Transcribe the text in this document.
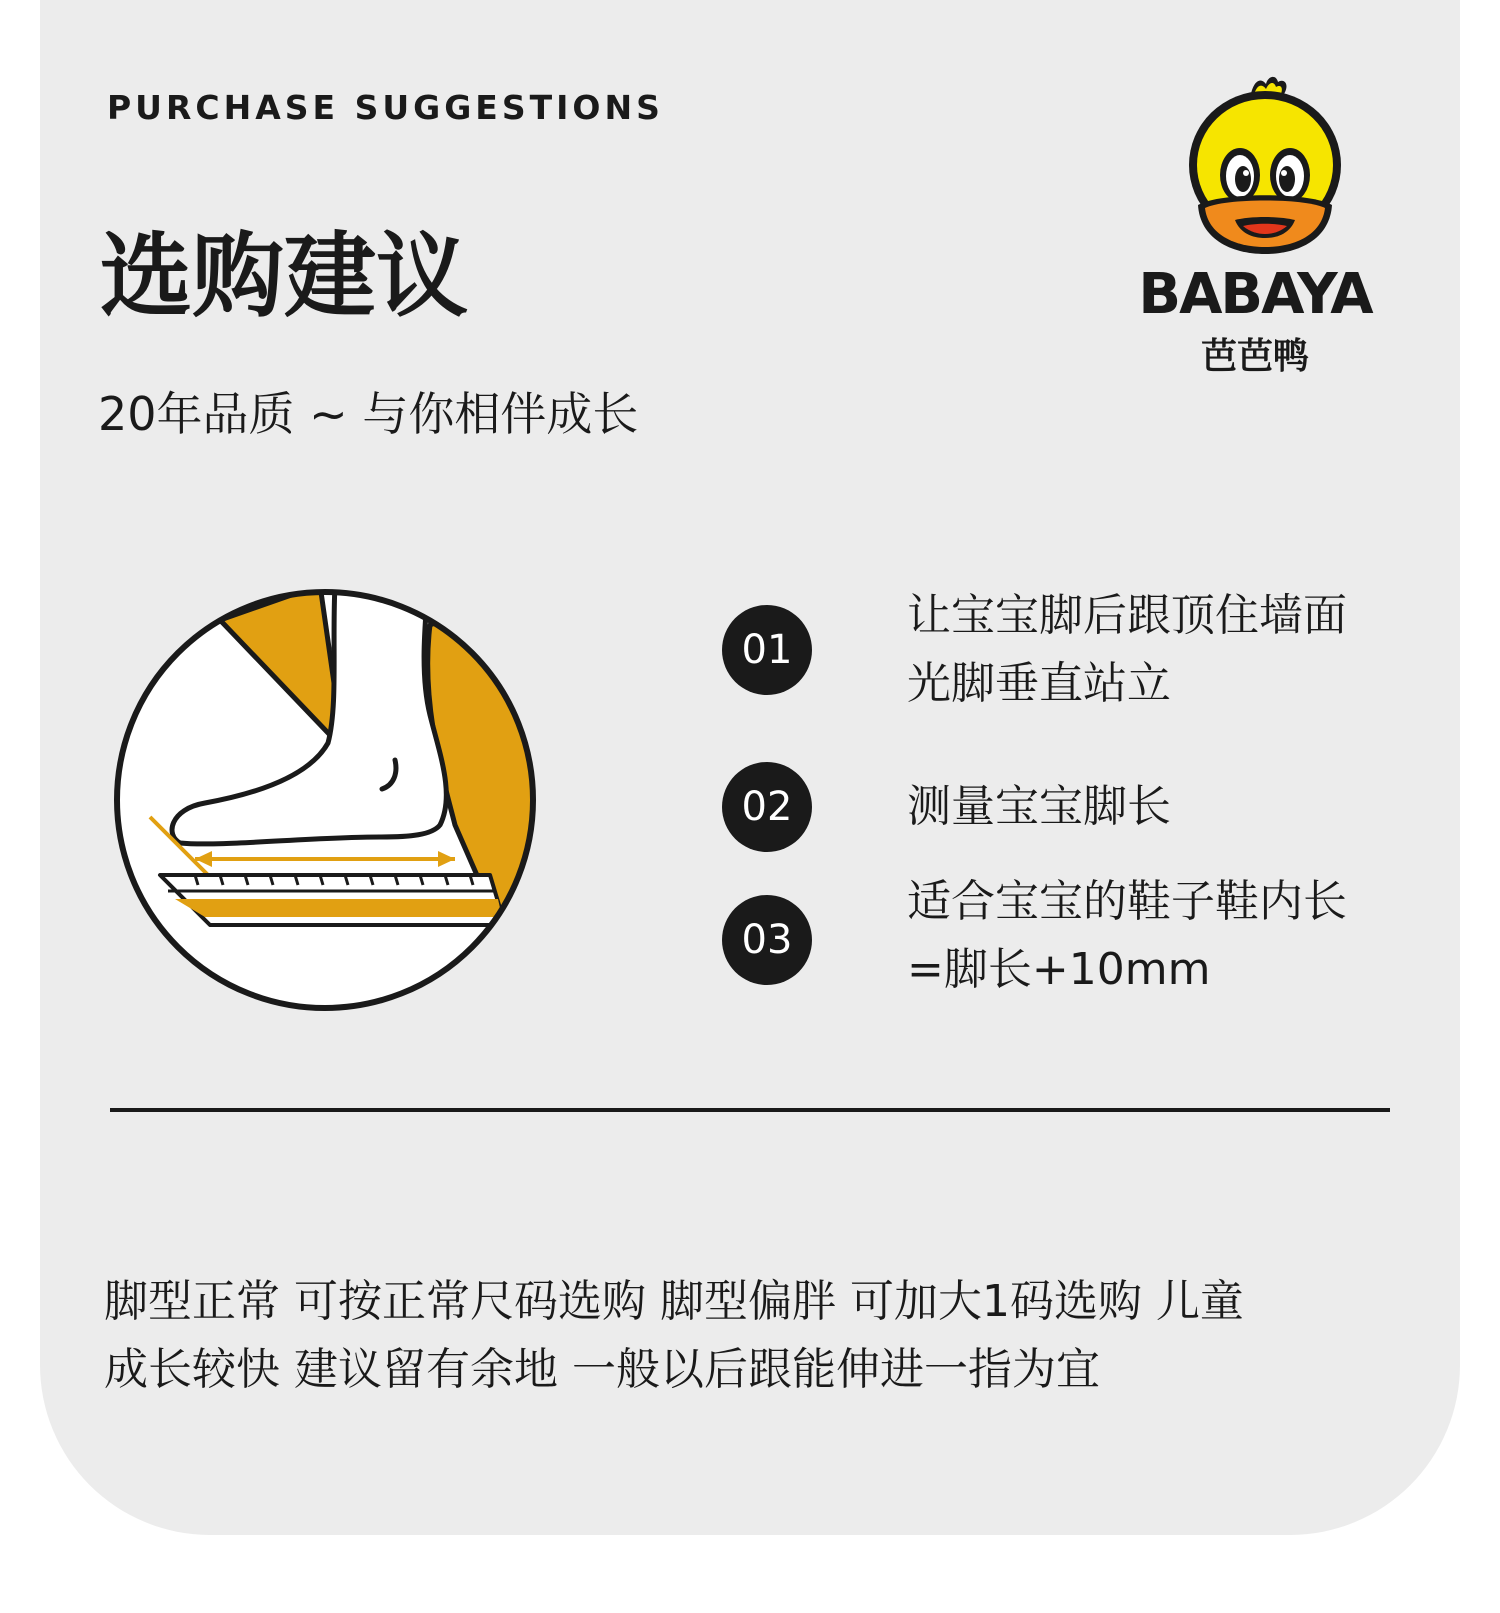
PURCHASE SUGGESTIONS
选购建议
20年品质 ~ 与你相伴成长
BABAYA
芭芭鸭
01
让宝宝脚后跟顶住墙面
光脚垂直站立
02	测量宝宝脚长
03
适合宝宝的鞋子鞋内长
=脚长+10mm
脚型正常 可按正常尺码选购 脚型偏胖 可加大1码选购 儿童
成长较快 建议留有余地 一般以后跟能伸进一指为宜
